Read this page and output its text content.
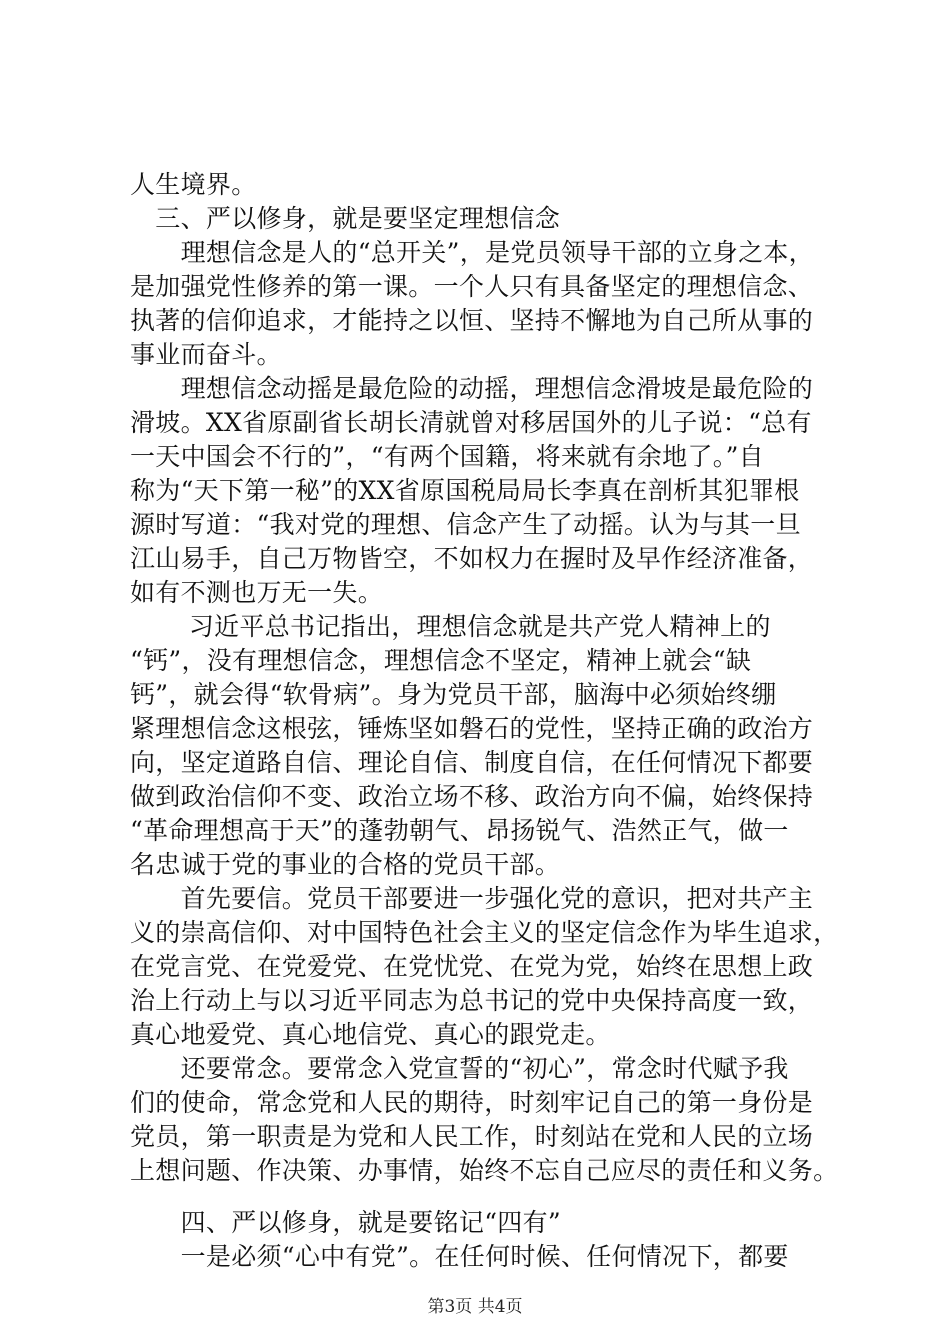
人生境界。
　三、严以修身，就是要坚定理想信念
　　理想信念是人的“总开关”，是党员领导干部的立身之本，
是加强党性修养的第一课。一个人只有具备坚定的理想信念、
执著的信仰追求，才能持之以恒、坚持不懈地为自己所从事的
事业而奋斗。
　　理想信念动摇是最危险的动摇，理想信念滑坡是最危险的
滑坡。XX省原副省长胡长清就曾对移居国外的儿子说：“总有
一天中国会不行的”，“有两个国籍，将来就有余地了。”自
称为“天下第一秘”的XX省原国税局局长李真在剖析其犯罪根
源时写道：“我对党的理想、信念产生了动摇。认为与其一旦
江山易手，自己万物皆空，不如权力在握时及早作经济准备，
如有不测也万无一失。
　　 习近平总书记指出，理想信念就是共产党人精神上的
“钙”，没有理想信念，理想信念不坚定，精神上就会“缺
钙”，就会得“软骨病”。身为党员干部，脑海中必须始终绷
紧理想信念这根弦，锤炼坚如磐石的党性，坚持正确的政治方
向，坚定道路自信、理论自信、制度自信，在任何情况下都要
做到政治信仰不变、政治立场不移、政治方向不偏，始终保持
“革命理想高于天”的蓬勃朝气、昂扬锐气、浩然正气，做一
名忠诚于党的事业的合格的党员干部。
　　首先要信。党员干部要进一步强化党的意识，把对共产主
义的崇高信仰、对中国特色社会主义的坚定信念作为毕生追求，
在党言党、在党爱党、在党忧党、在党为党，始终在思想上政
治上行动上与以习近平同志为总书记的党中央保持高度一致，
真心地爱党、真心地信党、真心的跟党走。
　　还要常念。要常念入党宣誓的“初心”，常念时代赋予我
们的使命，常念党和人民的期待，时刻牢记自己的第一身份是
党员，第一职责是为党和人民工作，时刻站在党和人民的立场
上想问题、作决策、办事情，始终不忘自己应尽的责任和义务。
　　四、严以修身，就是要铭记“四有”
　　一是必须“心中有党”。在任何时候、任何情况下，都要
第3页 共4页
